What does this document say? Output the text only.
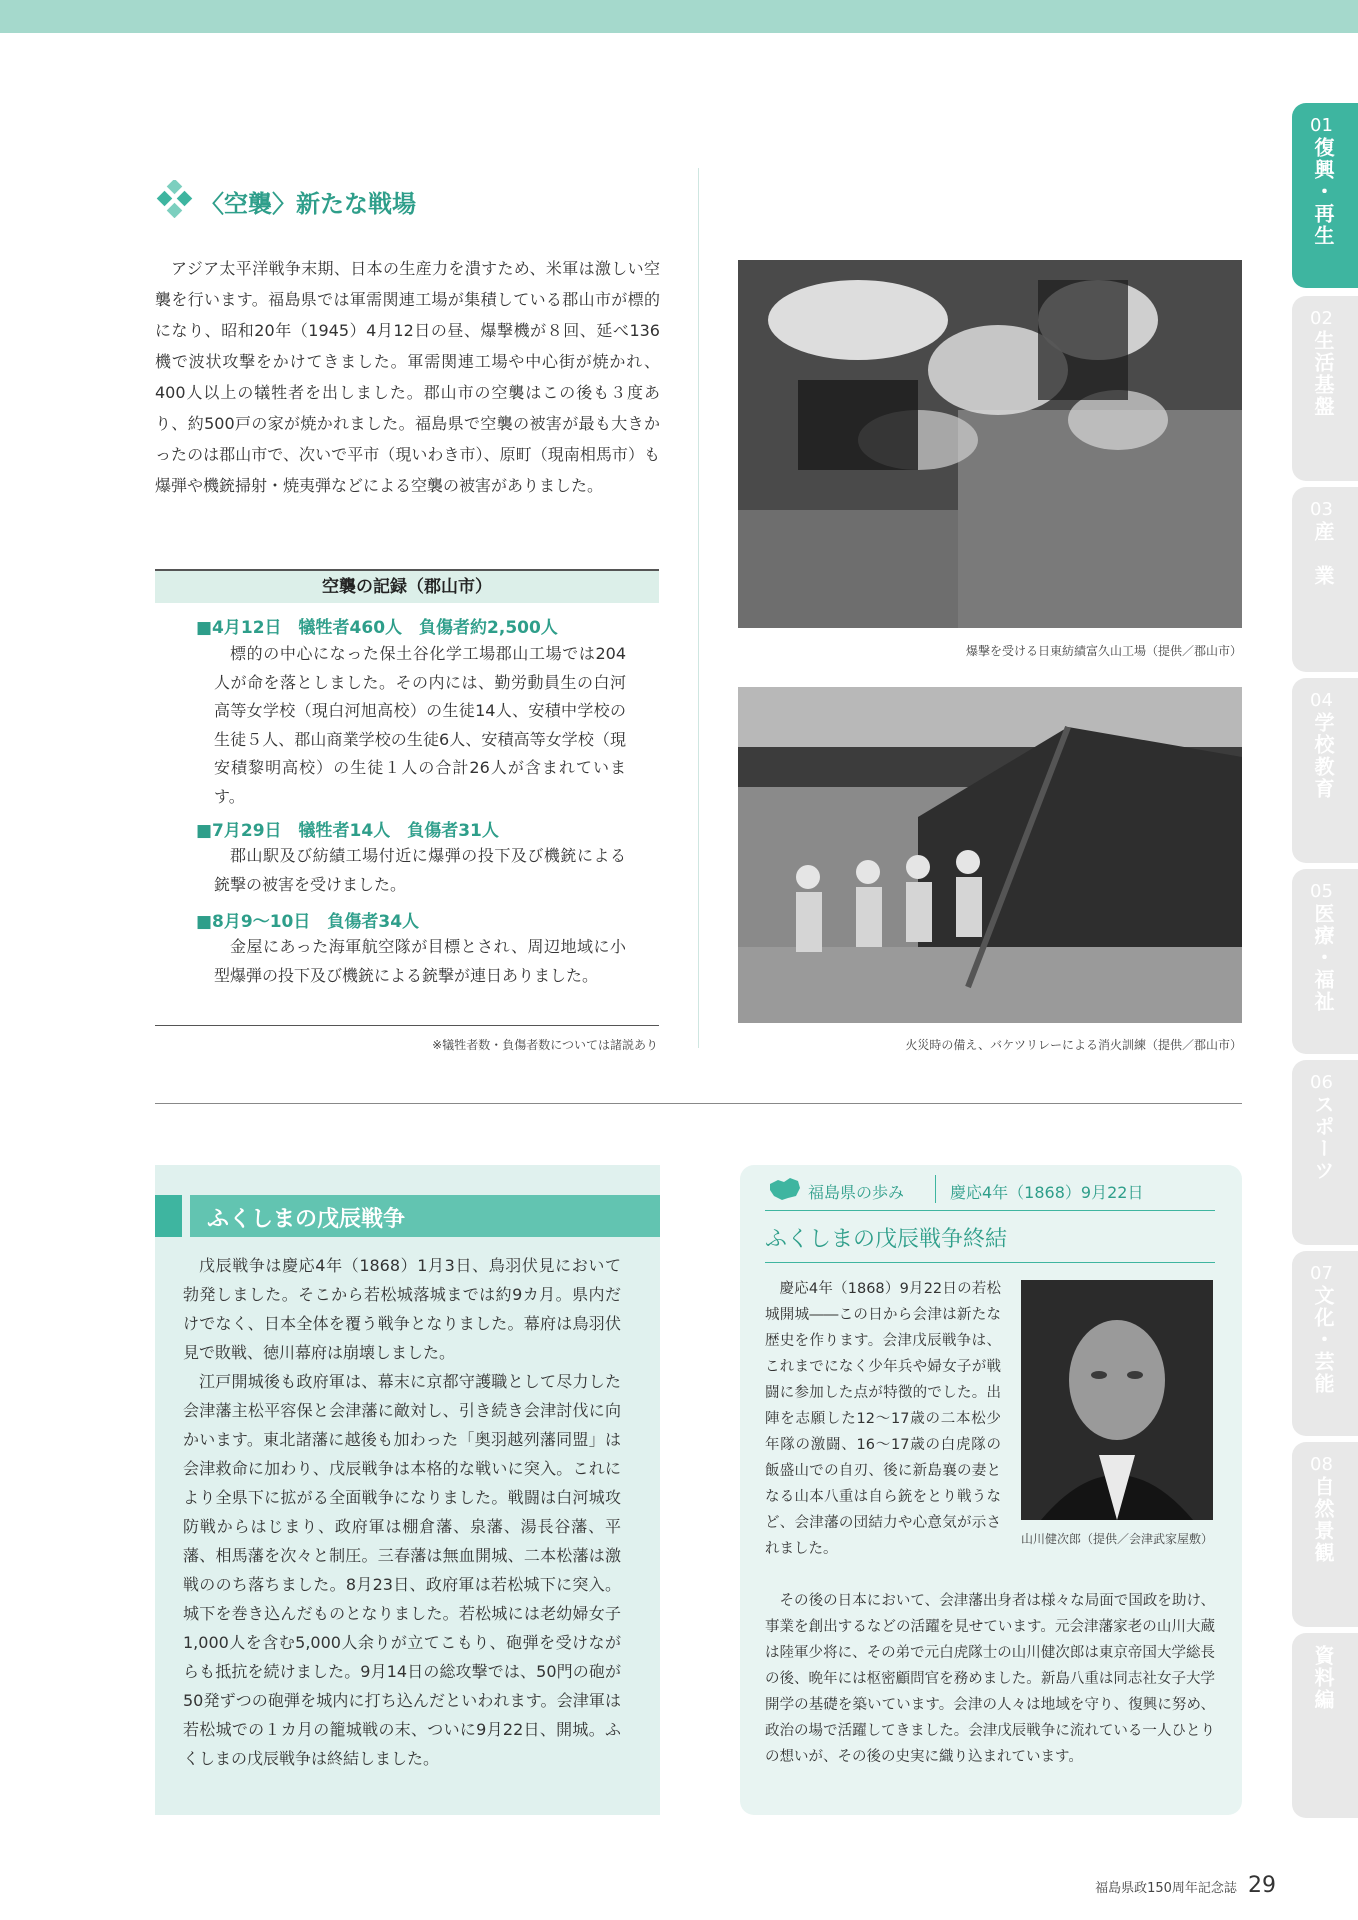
01
復興・再生
02
生活基盤
03
産　業
04
学校教育
05
医療・福祉
06
スポーツ
07
文化・芸能
08
自然景観
資料編
〈空襲〉新たな戦場
アジア太平洋戦争末期、日本の生産力を潰すため、米軍は激しい空襲を行います。福島県では軍需関連工場が集積している郡山市が標的になり、昭和20年（1945）4月12日の昼、爆撃機が８回、延べ136機で波状攻撃をかけてきました。軍需関連工場や中心街が焼かれ、400人以上の犠牲者を出しました。郡山市の空襲はこの後も３度あり、約500戸の家が焼かれました。福島県で空襲の被害が最も大きかったのは郡山市で、次いで平市（現いわき市）、原町（現南相馬市）も爆弾や機銃掃射・焼夷弾などによる空襲の被害がありました。
空襲の記録（郡山市）
■4月12日　犠牲者460人　負傷者約2,500人
標的の中心になった保土谷化学工場郡山工場では204人が命を落としました。その内には、勤労動員生の白河高等女学校（現白河旭高校）の生徒14人、安積中学校の生徒５人、郡山商業学校の生徒6人、安積高等女学校（現安積黎明高校）の生徒１人の合計26人が含まれています。
■7月29日　犠牲者14人　負傷者31人
郡山駅及び紡績工場付近に爆弾の投下及び機銃による銃撃の被害を受けました。
■8月9～10日　負傷者34人
金屋にあった海軍航空隊が目標とされ、周辺地域に小型爆弾の投下及び機銃による銃撃が連日ありました。
※犠牲者数・負傷者数については諸説あり
爆撃を受ける日東紡績富久山工場（提供／郡山市）
火災時の備え、バケツリレーによる消火訓練（提供／郡山市）
ふくしまの戊辰戦争
戊辰戦争は慶応4年（1868）1月3日、鳥羽伏見において勃発しました。そこから若松城落城までは約9カ月。県内だけでなく、日本全体を覆う戦争となりました。幕府は鳥羽伏見で敗戦、徳川幕府は崩壊しました。
江戸開城後も政府軍は、幕末に京都守護職として尽力した会津藩主松平容保と会津藩に敵対し、引き続き会津討伐に向かいます。東北諸藩に越後も加わった「奥羽越列藩同盟」は会津救命に加わり、戊辰戦争は本格的な戦いに突入。これにより全県下に拡がる全面戦争になりました。戦闘は白河城攻防戦からはじまり、政府軍は棚倉藩、泉藩、湯長谷藩、平藩、相馬藩を次々と制圧。三春藩は無血開城、二本松藩は激戦ののち落ちました。8月23日、政府軍は若松城下に突入。城下を巻き込んだものとなりました。若松城には老幼婦女子1,000人を含む5,000人余りが立てこもり、砲弾を受けながらも抵抗を続けました。9月14日の総攻撃では、50門の砲が50発ずつの砲弾を城内に打ち込んだといわれます。会津軍は若松城での１カ月の籠城戦の末、ついに9月22日、開城。ふくしまの戊辰戦争は終結しました。
福島県の歩み	慶応4年（1868）9月22日
ふくしまの戊辰戦争終結
慶応4年（1868）9月22日の若松城開城――この日から会津は新たな歴史を作ります。会津戊辰戦争は、これまでになく少年兵や婦女子が戦闘に参加した点が特徴的でした。出陣を志願した12～17歳の二本松少年隊の激闘、16～17歳の白虎隊の飯盛山での自刃、後に新島襄の妻となる山本八重は自ら銃をとり戦うなど、会津藩の団結力や心意気が示されました。
山川健次郎（提供／会津武家屋敷）
その後の日本において、会津藩出身者は様々な局面で国政を助け、事業を創出するなどの活躍を見せています。元会津藩家老の山川大蔵は陸軍少将に、その弟で元白虎隊士の山川健次郎は東京帝国大学総長の後、晩年には枢密顧問官を務めました。新島八重は同志社女子大学開学の基礎を築いています。会津の人々は地域を守り、復興に努め、政治の場で活躍してきました。会津戊辰戦争に流れている一人ひとりの想いが、その後の史実に織り込まれています。
福島県政150周年記念誌 29
